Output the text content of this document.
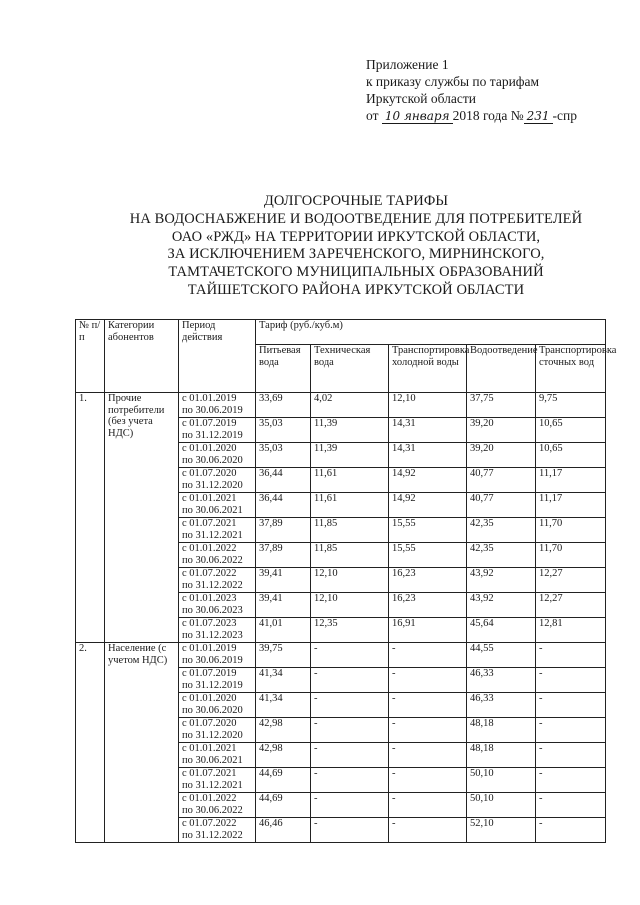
Приложение 1
к приказу службы по тарифам
Иркутской области
от 10 января 2018 года № 231 -спр
ДОЛГОСРОЧНЫЕ ТАРИФЫ
НА ВОДОСНАБЖЕНИЕ И ВОДООТВЕДЕНИЕ ДЛЯ ПОТРЕБИТЕЛЕЙ
ОАО «РЖД» НА ТЕРРИТОРИИ ИРКУТСКОЙ ОБЛАСТИ,
ЗА ИСКЛЮЧЕНИЕМ ЗАРЕЧЕНСКОГО, МИРНИНСКОГО,
ТАМТАЧЕТСКОГО МУНИЦИПАЛЬНЫХ ОБРАЗОВАНИЙ
ТАЙШЕТСКОГО РАЙОНА ИРКУТСКОЙ ОБЛАСТИ
№ п/п	Категории абонентов	Период действия	Тариф (руб./куб.м)				
			Питьевая вода	Техническая вода	Транспортировка холодной воды	Водоотведение	Транспортировка сточных вод
1.	Прочие потребители (без учета НДС)	с 01.01.2019
по 30.06.2019	33,69	4,02	12,10	37,75	9,75

		с 01.07.2019
по 31.12.2019	35,03	11,39	14,31	39,20	10,65

		с 01.01.2020
по 30.06.2020	35,03	11,39	14,31	39,20	10,65

		с 01.07.2020
по 31.12.2020	36,44	11,61	14,92	40,77	11,17

		с 01.01.2021
по 30.06.2021	36,44	11,61	14,92	40,77	11,17

		с 01.07.2021
по 31.12.2021	37,89	11,85	15,55	42,35	11,70

		с 01.01.2022
по 30.06.2022	37,89	11,85	15,55	42,35	11,70

		с 01.07.2022
по 31.12.2022	39,41	12,10	16,23	43,92	12,27

		с 01.01.2023
по 30.06.2023	39,41	12,10	16,23	43,92	12,27

		с 01.07.2023
по 31.12.2023	41,01	12,35	16,91	45,64	12,81
2.	Население (с учетом НДС)	с 01.01.2019
по 30.06.2019	39,75	-	-	44,55	-

		с 01.07.2019
по 31.12.2019	41,34	-	-	46,33	-

		с 01.01.2020
по 30.06.2020	41,34	-	-	46,33	-

		с 01.07.2020
по 31.12.2020	42,98	-	-	48,18	-

		с 01.01.2021
по 30.06.2021	42,98	-	-	48,18	-

		с 01.07.2021
по 31.12.2021	44,69	-	-	50,10	-

		с 01.01.2022
по 30.06.2022	44,69	-	-	50,10	-

		с 01.07.2022
по 31.12.2022	46,46	-	-	52,10	-
